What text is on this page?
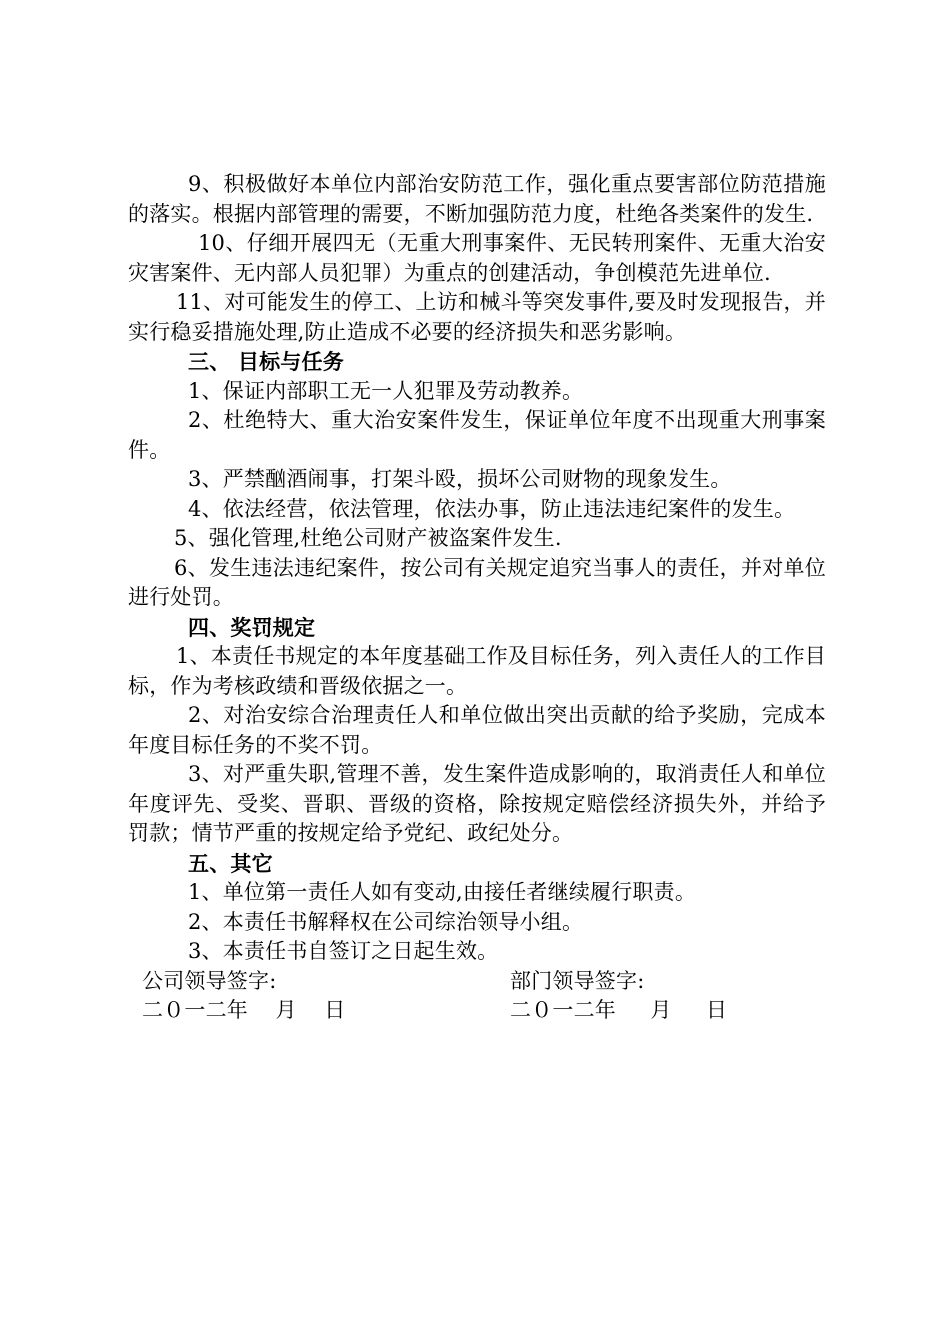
9、积极做好本单位内部治安防范工作，强化重点要害部位防范措施的落实。根据内部管理的需要，不断加强防范力度，杜绝各类案件的发生.

10、仔细开展四无（无重大刑事案件、无民转刑案件、无重大治安灾害案件、无内部人员犯罪）为重点的创建活动，争创模范先进单位.

11、对可能发生的停工、上访和械斗等突发事件,要及时发现报告，并实行稳妥措施处理,防止造成不必要的经济损失和恶劣影响。

三、 目标与任务

1、保证内部职工无一人犯罪及劳动教养。

2、杜绝特大、重大治安案件发生，保证单位年度不出现重大刑事案件。

3、严禁酗酒闹事，打架斗殴，损坏公司财物的现象发生。

4、依法经营，依法管理，依法办事，防止违法违纪案件的发生。

5、强化管理,杜绝公司财产被盗案件发生.

6、发生违法违纪案件，按公司有关规定追究当事人的责任，并对单位进行处罚。

四、奖罚规定

1、本责任书规定的本年度基础工作及目标任务，列入责任人的工作目标，作为考核政绩和晋级依据之一。

2、对治安综合治理责任人和单位做出突出贡献的给予奖励，完成本年度目标任务的不奖不罚。

3、对严重失职,管理不善，发生案件造成影响的，取消责任人和单位年度评先、受奖、晋职、晋级的资格，除按规定赔偿经济损失外，并给予罚款；情节严重的按规定给予党纪、政纪处分。

五、其它

1、单位第一责任人如有变动,由接任者继续履行职责。

2、本责任书解释权在公司综治领导小组。

3、本责任书自签订之日起生效。

公司领导签字:

	部门领导签字:

二０一二年    月    日

	二０一二年     月     日
